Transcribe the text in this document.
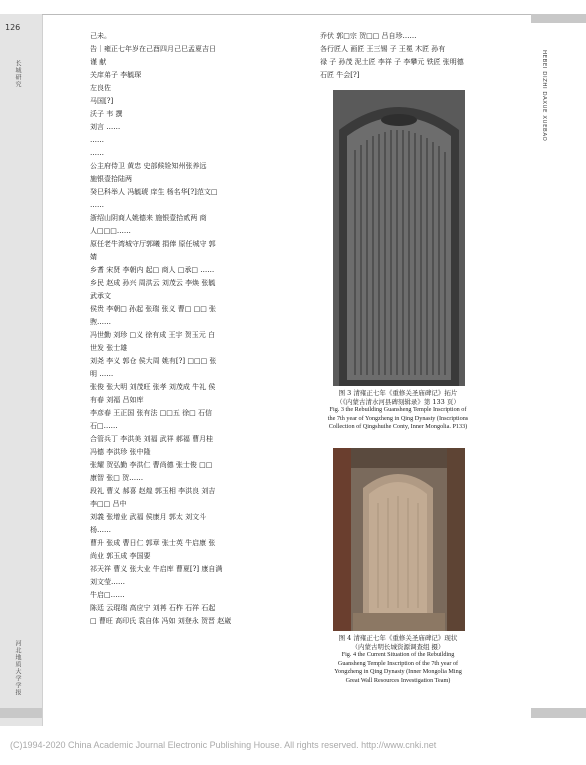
126
长城研究
河北地质大学学报
HEBEI DIZHI DAXUE XUEBAO
己未。
告｜雍正七年岁在己酉四月己巳孟夏吉日
谨 献
关庠弟子 李毓琛
左良佐
马国[?]
沃子 韦 撰
刘言 ……
……
……
公主府侍卫 黄忠 史部候铨知州张养远
施银壹拾陆两
癸巳科举人 冯毓琥 庠生 杨名华[?]范文□
……
浙绍山阴商人姚德来 施银壹拾贰两 商
人□□□……
原任老牛湾城守厅郭曦 捐俸 原任城守 郭
婧
乡耆 宋贤 李朝内 起□ 商人 □承□ ……
乡民 赵成 孙兴 周洪云 刘茂云 李焕 张毓
武承文
侯贵 李朝□ 孙起 张瑞 张义 曹□ □□ 张
煦……
冯世勤 刘珍 □义 徐有成 王宇 贺玉元 白
世发 张士雄
刘尧 李义 郭仓 侯大周 姚有[?] □□□ 张
明 ……
张俊 张大明 刘茂旺 张孝 刘茂成 牛礼 侯
有春 刘福 吕如库
李彦春 王正国 张有法 □□五 徐□ 石信
石□……
合管兵丁 李洪美 刘福 武祥 郝福 曹月桂
冯德 李洪珍 张中隆
张耀 贺弘勤 李洪仁 曹尚德 张士俊 □□
康智 张□ 贺……
段礼 曹义 郝喜 赵煌 郭玉相 李洪良 刘吉
李□□ 吕中
刘義 张增业 武福 侯康月 郭太 刘文斗
杨……
曹升 张成 曹日仁 郭章 张士英 牛启康 张
尚业 郭玉成 李国要
祁天祥 曹义 张大业 牛启库 曹夏[?] 康自满
刘文莹……
牛启□……
陈廷 云琨瑞 高应宁 刘苒 石柞 石祥 石起
□ 曹旺 高印氏 袁自体 冯如 刘登永 贺晋 赵崴
乔伏 郭□宗 贺□□ 吕自珍……
各行匠人 画匠 王三锡 子 王冕 木匠 孙有
禄 子 孙茂 泥土匠 李祥 子 李攀元 铁匠 张明德
石匠 牛会[?]
图 3 清雍正七年《重修关圣庙碑记》拓片
（《内蒙古清水河县碑刻辑录》第 133 页）
Fig. 3 the Rebuilding Guansheng Temple Inscription of
the 7th year of Yongzheng in Qing Dynasty (Inscriptions
Collection of Qingshuihe Conty, Inner Mongolia. P133)
图 4 清雍正七年《重修关圣庙碑记》现状
（内蒙古明长城资源调查组 摄）
Fig. 4 the Current Situation of the Rebuilding
Guansheng Temple Inscription of the 7th year of
Yongzheng in Qing Dynasty (Inner Mongolia Ming
Great Wall Resources Investigation Team)
(C)1994-2020 China Academic Journal Electronic Publishing House. All rights reserved. http://www.cnki.net
